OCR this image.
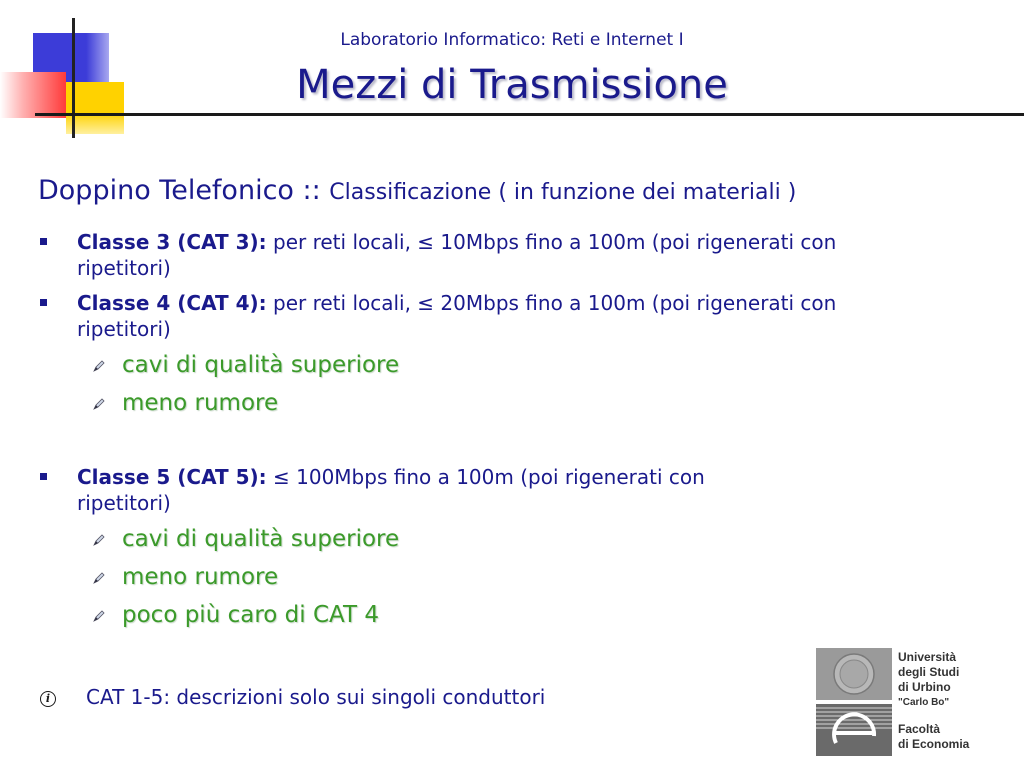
Laboratorio Informatico: Reti e Internet I
Mezzi di Trasmissione
Doppino Telefonico :: Classificazione ( in funzione dei materiali )
Classe 3 (CAT 3): per reti locali, ≤ 10Mbps fino a 100m (poi rigenerati con ripetitori)
Classe 4 (CAT 4): per reti locali, ≤ 20Mbps fino a 100m (poi rigenerati con ripetitori)
cavi di qualità superiore
meno rumore
Classe 5 (CAT 5): ≤ 100Mbps fino a 100m (poi rigenerati con ripetitori)
cavi di qualità superiore
meno rumore
poco più caro di CAT 4
i CAT 1-5: descrizioni solo sui singoli conduttori
Università
degli Studi
di Urbino
"Carlo Bo"
Facoltà
di Economia
